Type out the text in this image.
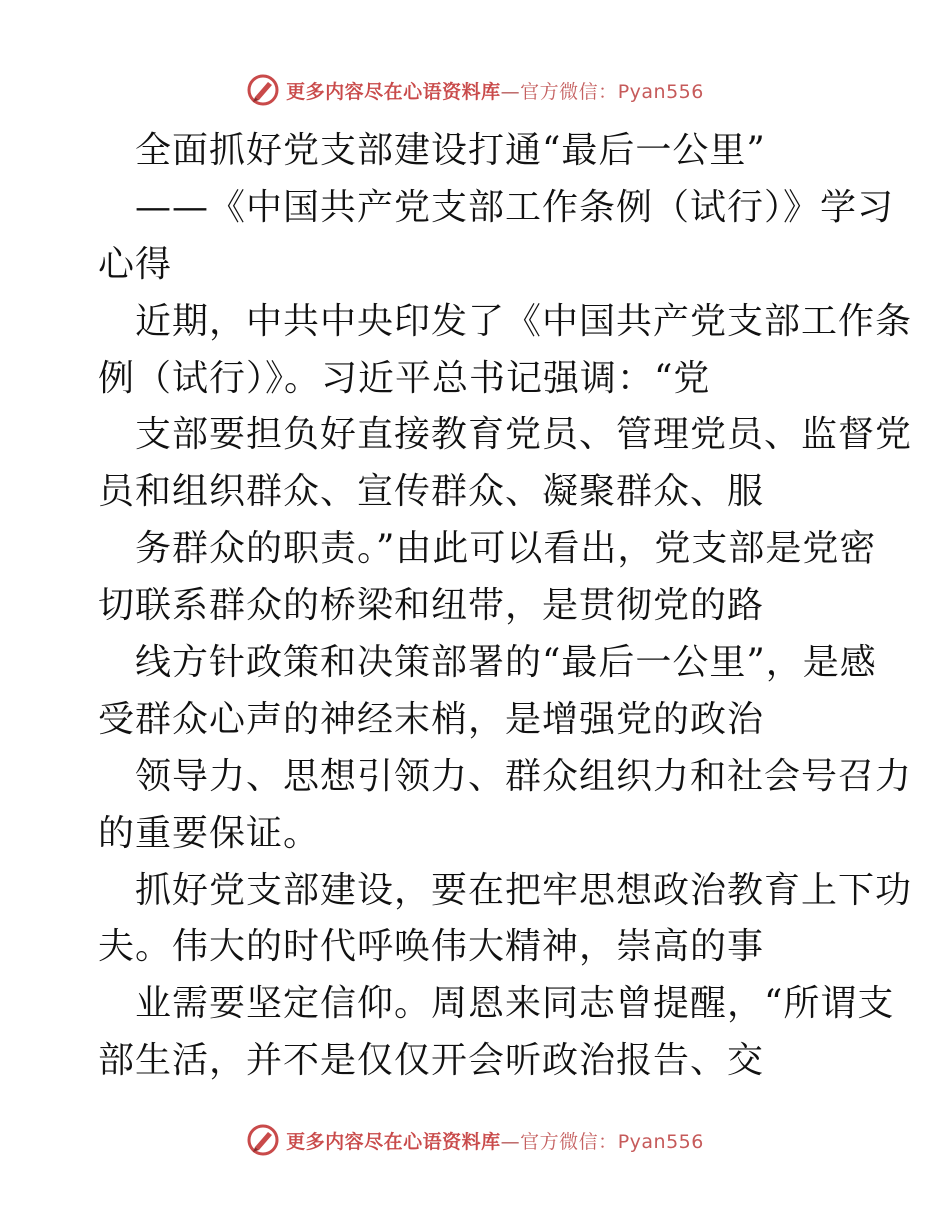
更多内容尽在心语资料库—官方微信：Pyan556
全面抓好党支部建设打通“最后一公里”
——《中国共产党支部工作条例（试行）》学习
心得
近期，中共中央印发了《中国共产党支部工作条
例（试行）》。习近平总书记强调：“党
支部要担负好直接教育党员、管理党员、监督党
员和组织群众、宣传群众、凝聚群众、服
务群众的职责。”由此可以看出，党支部是党密
切联系群众的桥梁和纽带，是贯彻党的路
线方针政策和决策部署的“最后一公里”，是感
受群众心声的神经末梢，是增强党的政治
领导力、思想引领力、群众组织力和社会号召力
的重要保证。
抓好党支部建设，要在把牢思想政治教育上下功
夫。伟大的时代呼唤伟大精神，崇高的事
业需要坚定信仰。周恩来同志曾提醒，“所谓支
部生活，并不是仅仅开会听政治报告、交
更多内容尽在心语资料库—官方微信：Pyan556
